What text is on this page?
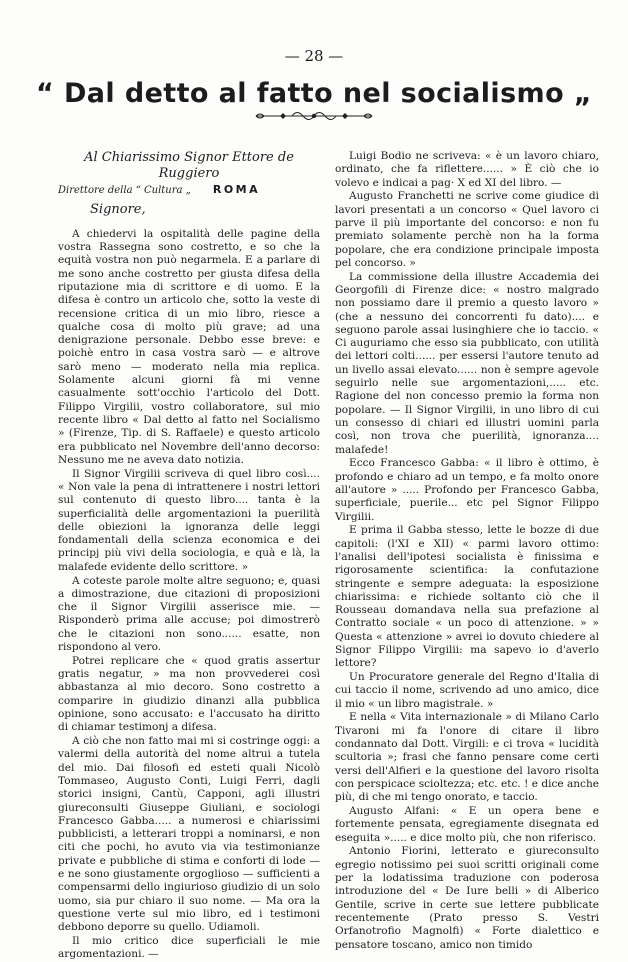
— 28 —
“ Dal detto al fatto nel socialismo „

Al Chiarissimo Signor Ettore de Ruggiero

Direttore della “ Cultura „ ROMA

Signore,

A chiedervi la ospitalità delle pagine della vostra Rassegna sono costretto, e so che la equità vostra non può negarmela. E a parlare di me sono anche costretto per giusta difesa della riputazione mia di scrittore e di uomo. E la difesa è contro un articolo che, sotto la veste di recensione critica di un mio libro, riesce a qualche cosa di molto più grave; ad una denigrazione personale. Debbo esse breve: e poichè entro in casa vostra sarò — e altrove sarò meno — moderato nella mia replica. Solamente alcuni giorni fà mi venne casualmente sott'occhio l'articolo del Dott. Filippo Virgilii, vostro collaboratore, sul mio recente libro « Dal detto al fatto nel Socialismo » (Firenze, Tip. di S. Raffaele) e questo articolo era pubblicato nel Novembre dell'anno decorso: Nessuno me ne aveva dato notizia.

Il Signor Virgilii scriveva di quel libro così.... « Non vale la pena di intrattenere i nostri lettori sul contenuto di questo libro.... tanta è la superficialità delle argomentazioni la puerilità delle obiezioni la ignoranza delle leggi fondamentali della scienza economica e dei principj più vivi della sociologia, e quà e là, la malafede evidente dello scrittore. »

A coteste parole molte altre seguono; e, quasi a dimostrazione, due citazioni di proposizioni che il Signor Virgilii asserisce mie. — Risponderò prima alle accuse; poi dimostrerò che le citazioni non sono...... esatte, non rispondono al vero.

Potrei replicare che « quod gratis assertur gratis negatur, » ma non provvederei così abbastanza al mio decoro. Sono costretto a comparire in giudizio dinanzi alla pubblica opinione, sono accusato: e l'accusato ha diritto di chiamar testimonj a difesa.

A ciò che non fatto mai mi si costringe oggi: a valermi della autorità del nome altrui a tutela del mio. Dai filosofi ed esteti quali Nicolò Tommaseo, Augusto Conti, Luigi Ferri, dagli storici insigni, Cantù, Capponi, agli illustri giureconsulti Giuseppe Giuliani, e sociologi Francesco Gabba..... a numerosi e chiarissimi pubblicisti, a letterari troppi a nominarsi, e non citi che pochi, ho avuto via via testimonianze private e pubbliche di stima e conforti di lode — e ne sono giustamente orgoglioso — sufficienti a compensarmi dello ingiurioso giudizio di un solo uomo, sia pur chiaro il suo nome. — Ma ora la questione verte sul mio libro, ed i testimoni debbono deporre su quello. Udiamoli.

Il mio critico dice superficiali le mie argomentazioni. —

Luigi Bodio ne scriveva: « è un lavoro chiaro, ordinato, che fa riflettere...... » È ciò che io volevo e indicai a pag· X ed XI del libro. —

Augusto Franchetti ne scrive come giudice di lavori presentati a un concorso « Quel lavoro ci parve il più importante del concorso: e non fu premiato solamente perchè non ha la forma popolare, che era condizione principale imposta pel concorso. »

La commissione della illustre Accademia dei Georgofili di Firenze dice: « nostro malgrado non possiamo dare il premio a questo lavoro » (che a nessuno dei concorrenti fu dato).... e seguono parole assai lusinghiere che io taccio. « Ci auguriamo che esso sia pubblicato, con utilità dei lettori colti...... per essersi l'autore tenuto ad un livello assai elevato...... non è sempre agevole seguirlo nelle sue argomentazioni,..... etc. Ragione del non concesso premio la forma non popolare. — Il Signor Virgilii, in uno libro di cui un consesso di chiari ed illustri uomini parla così, non trova che puerilità, ignoranza.... malafede!

Ecco Francesco Gabba: « il libro è ottimo, è profondo e chiaro ad un tempo, e fa molto onore all'autore » ..... Profondo per Francesco Gabba, superficiale, puerile... etc pel Signor Filippo Virgilii.

E prima il Gabba stesso, lette le bozze di due capitoli: (l'XI e XII) « parmi lavoro ottimo: l'analisi dell'ipotesi socialista è finissima e rigorosamente scientifica: la confutazione stringente e sempre adeguata: la esposizione chiarissima: e richiede soltanto ciò che il Rousseau domandava nella sua prefazione al Contratto sociale « un poco di attenzione. » » Questa « attenzione » avrei io dovuto chiedere al Signor Filippo Virgilii: ma sapevo io d'averlo lettore?

Un Procuratore generale del Regno d'Italia di cui taccio il nome, scrivendo ad uno amico, dice il mio « un libro magistrale. »

E nella « Vita internazionale » di Milano Carlo Tivaroni mi fa l'onore di citare il libro condannato dal Dott. Virgili: e ci trova « lucidità scultoria »; frasi che fanno pensare come certi versi dell'Alfieri e la questione del lavoro risolta con perspicace scioltezza; etc. etc. ! e dice anche più, di che mi tengo onorato, e taccio.

Augusto Alfani: « E un opera bene e fortemente pensata, egregiamente disegnata ed eseguita »..... e dice molto più, che non riferisco.

Antonio Fiorini, letterato e giureconsulto egregio notissimo pei suoi scritti originali come per la lodatissima traduzione con poderosa introduzione del « De Iure belli » di Alberico Gentile, scrive in certe sue lettere pubblicate recentemente (Prato presso S. Vestri Orfanotrofio Magnolfi) « Forte dialettico e pensatore toscano, amico non timido
